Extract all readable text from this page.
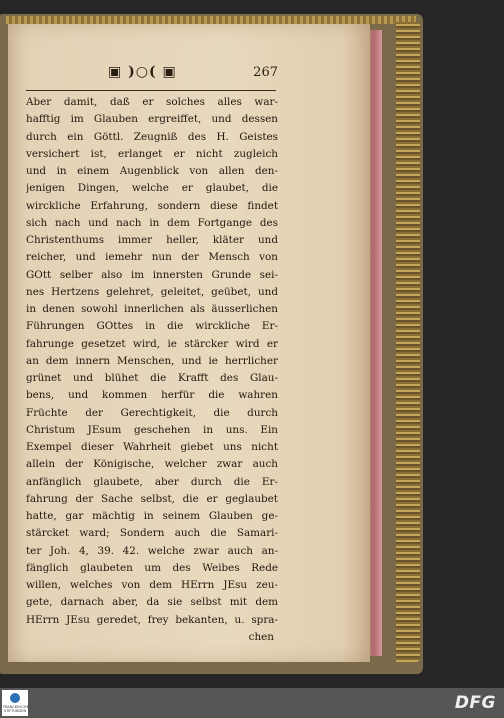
▣ )○( ▣	267
Aber damit, daß er solches alles war-
hafftig im Glauben ergreiffet, und dessen
durch ein Göttl. Zeugniß des H. Geistes
versichert ist, erlanget er nicht zugleich
und in einem Augenblick von allen den-
jenigen Dingen, welche er glaubet, die
wirckliche Erfahrung, sondern diese findet
sich nach und nach in dem Fortgange des
Christenthums immer heller, kläter und
reicher, und iemehr nun der Mensch von
GOtt selber also im innersten Grunde sei-
nes Hertzens gelehret, geleitet, geübet, und
in denen sowohl innerlichen als äusserlichen
Führungen GOttes in die wirckliche Er-
fahrunge gesetzet wird, ie stärcker wird er
an dem innern Menschen, und ie herrlicher
grünet und blühet die Krafft des Glau-
bens, und kommen herfür die wahren
Früchte der Gerechtigkeit, die durch
Christum JEsum geschehen in uns. Ein
Exempel dieser Wahrheit giebet uns nicht
allein der Königische, welcher zwar auch
anfänglich glaubete, aber durch die Er-
fahrung der Sache selbst, die er geglaubet
hatte, gar mächtig in seinem Glauben ge-
stärcket ward; Sondern auch die Samari-
ter Joh. 4, 39. 42. welche zwar auch an-
fänglich glaubeten um des Weibes Rede
willen, welches von dem HErrn JEsu zeu-
gete, darnach aber, da sie selbst mit dem
HErrn JEsu geredet, frey bekanten, u. spra-
chen
FRANCKESCHE STIFTUNGEN	DFG
